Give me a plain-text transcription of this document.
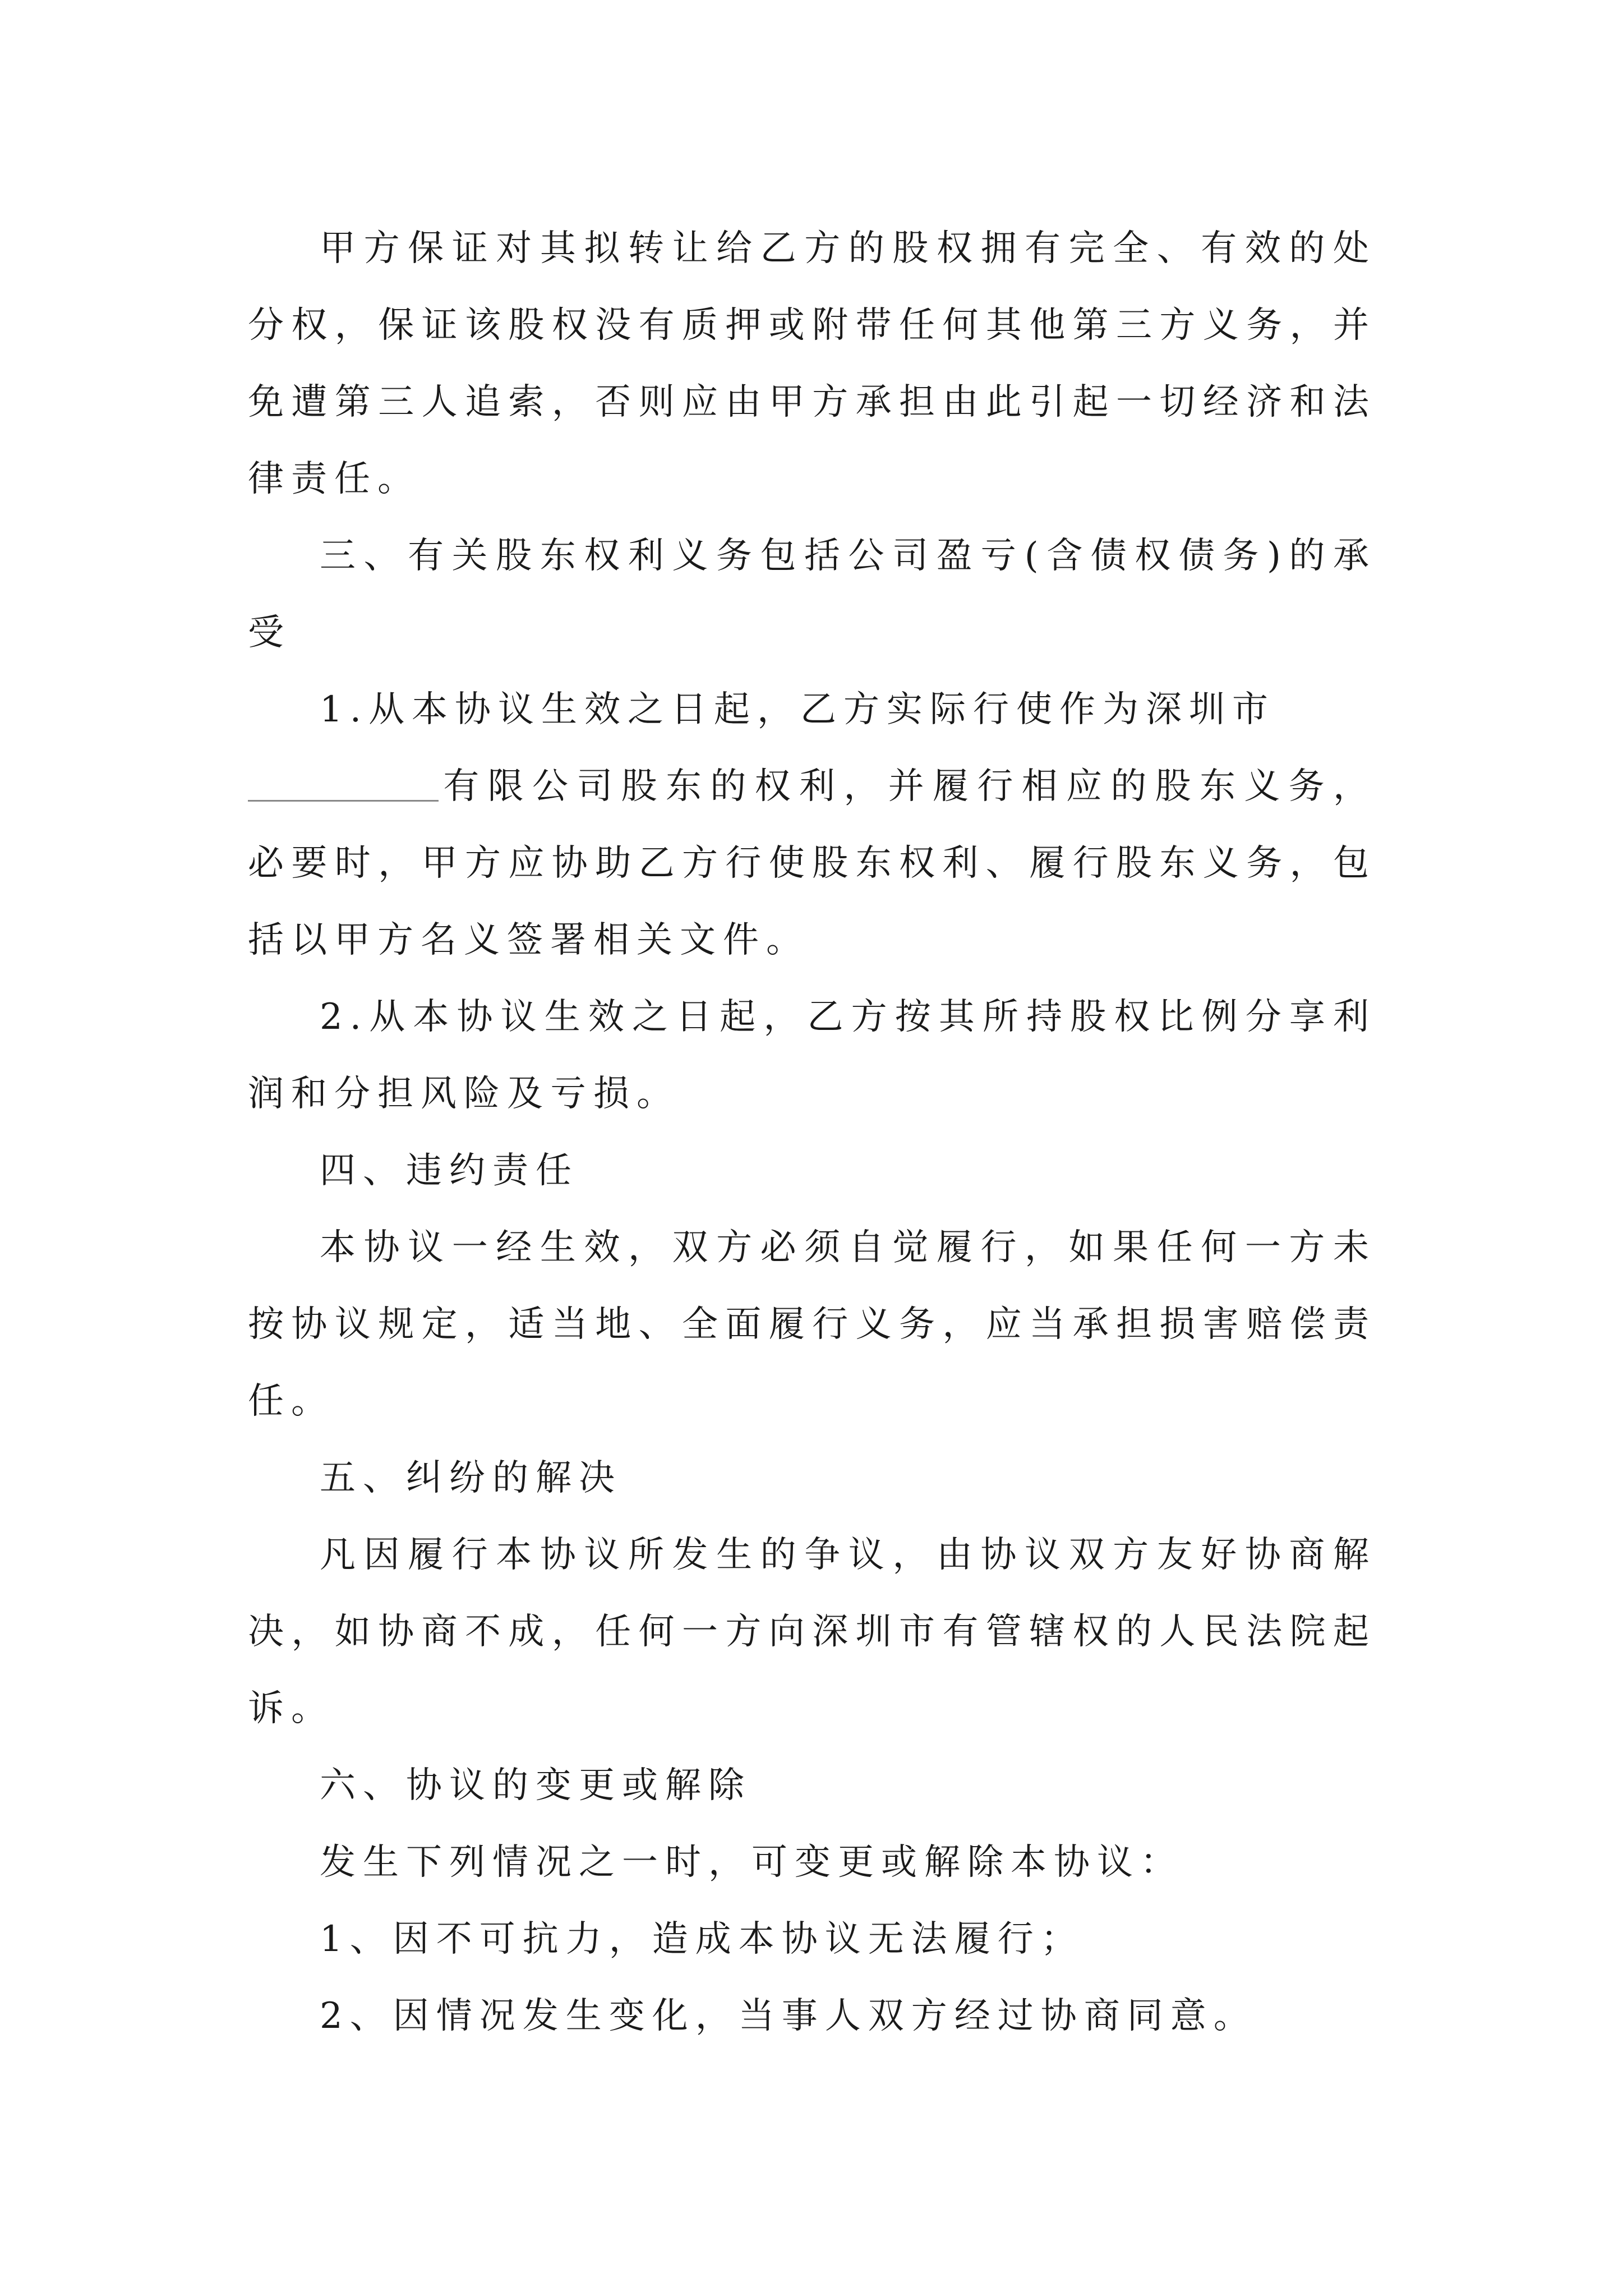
甲方保证对其拟转让给乙方的股权拥有完全、有效的处分权，保证该股权没有质押或附带任何其他第三方义务，并免遭第三人追索，否则应由甲方承担由此引起一切经济和法律责任。

三、有关股东权利义务包括公司盈亏(含债权债务)的承受

1.从本协议生效之日起，乙方实际行使作为深圳市
有限公司股东的权利，并履行相应的股东义务，必要时，甲方应协助乙方行使股东权利、履行股东义务，包括以甲方名义签署相关文件。

2.从本协议生效之日起，乙方按其所持股权比例分享利润和分担风险及亏损。

四、违约责任

本协议一经生效，双方必须自觉履行，如果任何一方未按协议规定，适当地、全面履行义务，应当承担损害赔偿责任。

五、纠纷的解决

凡因履行本协议所发生的争议，由协议双方友好协商解决，如协商不成，任何一方向深圳市有管辖权的人民法院起诉。

六、协议的变更或解除

发生下列情况之一时，可变更或解除本协议：

1、因不可抗力，造成本协议无法履行；

2、因情况发生变化，当事人双方经过协商同意。
